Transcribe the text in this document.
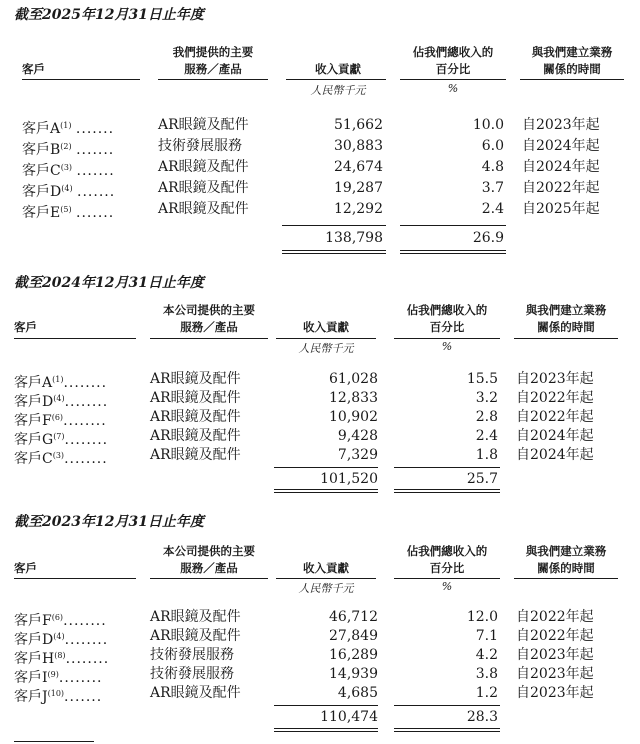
截至2025年12月31日止年度
客戶
我們提供的主要
服務／產品	收入貢獻
佔我們總收入的
百分比
與我們建立業務
關係的時間
人民幣千元	%
客戶$A^{(1)}$ .......	AR眼鏡及配件	51,662	10.0 自2023年起
客戶$B^{(2)}$ .......	技術發展服務	30,883	6.0 自2024年起
客戶$C^{(3)}$ .......	AR眼鏡及配件	24,674	4.8 自2024年起
客戶$D^{(4)}$ .......	AR眼鏡及配件	19,287	3.7 自2022年起
客戶$E^{(5)}$ .......	AR眼鏡及配件	12,292	2.4 自2025年起
138,798	26.9
截至2024年12月31日止年度
客戶
本公司提供的主要
服務／產品	收入貢獻
佔我們總收入的
百分比
與我們建立業務
關係的時間
人民幣千元	%
客戶$A^{(1)}$........	AR眼鏡及配件	61,028	15.5 自2023年起
客戶$D^{(4)}$........	AR眼鏡及配件	12,833	3.2 自2022年起
客戶$F^{(6)}$........	AR眼鏡及配件	10,902	2.8 自2022年起
客戶$G^{(7)}$........	AR眼鏡及配件	9,428	2.4 自2024年起
客戶$C^{(3)}$........	AR眼鏡及配件	7,329	1.8 自2024年起
101,520	25.7
截至2023年12月31日止年度
客戶
本公司提供的主要
服務／產品	收入貢獻
佔我們總收入的
百分比
與我們建立業務
關係的時間
人民幣千元	%
客戶$F^{(6)}$........	AR眼鏡及配件	46,712	12.0 自2022年起
客戶$D^{(4)}$........	AR眼鏡及配件	27,849	7.1 自2022年起
客戶$H^{(8)}$........	技術發展服務	16,289	4.2 自2023年起
客戶$I^{(9)}$........	技術發展服務	14,939	3.8 自2023年起
客戶$J^{(10)}$.......	AR眼鏡及配件	4,685	1.2 自2023年起
110,474	28.3
